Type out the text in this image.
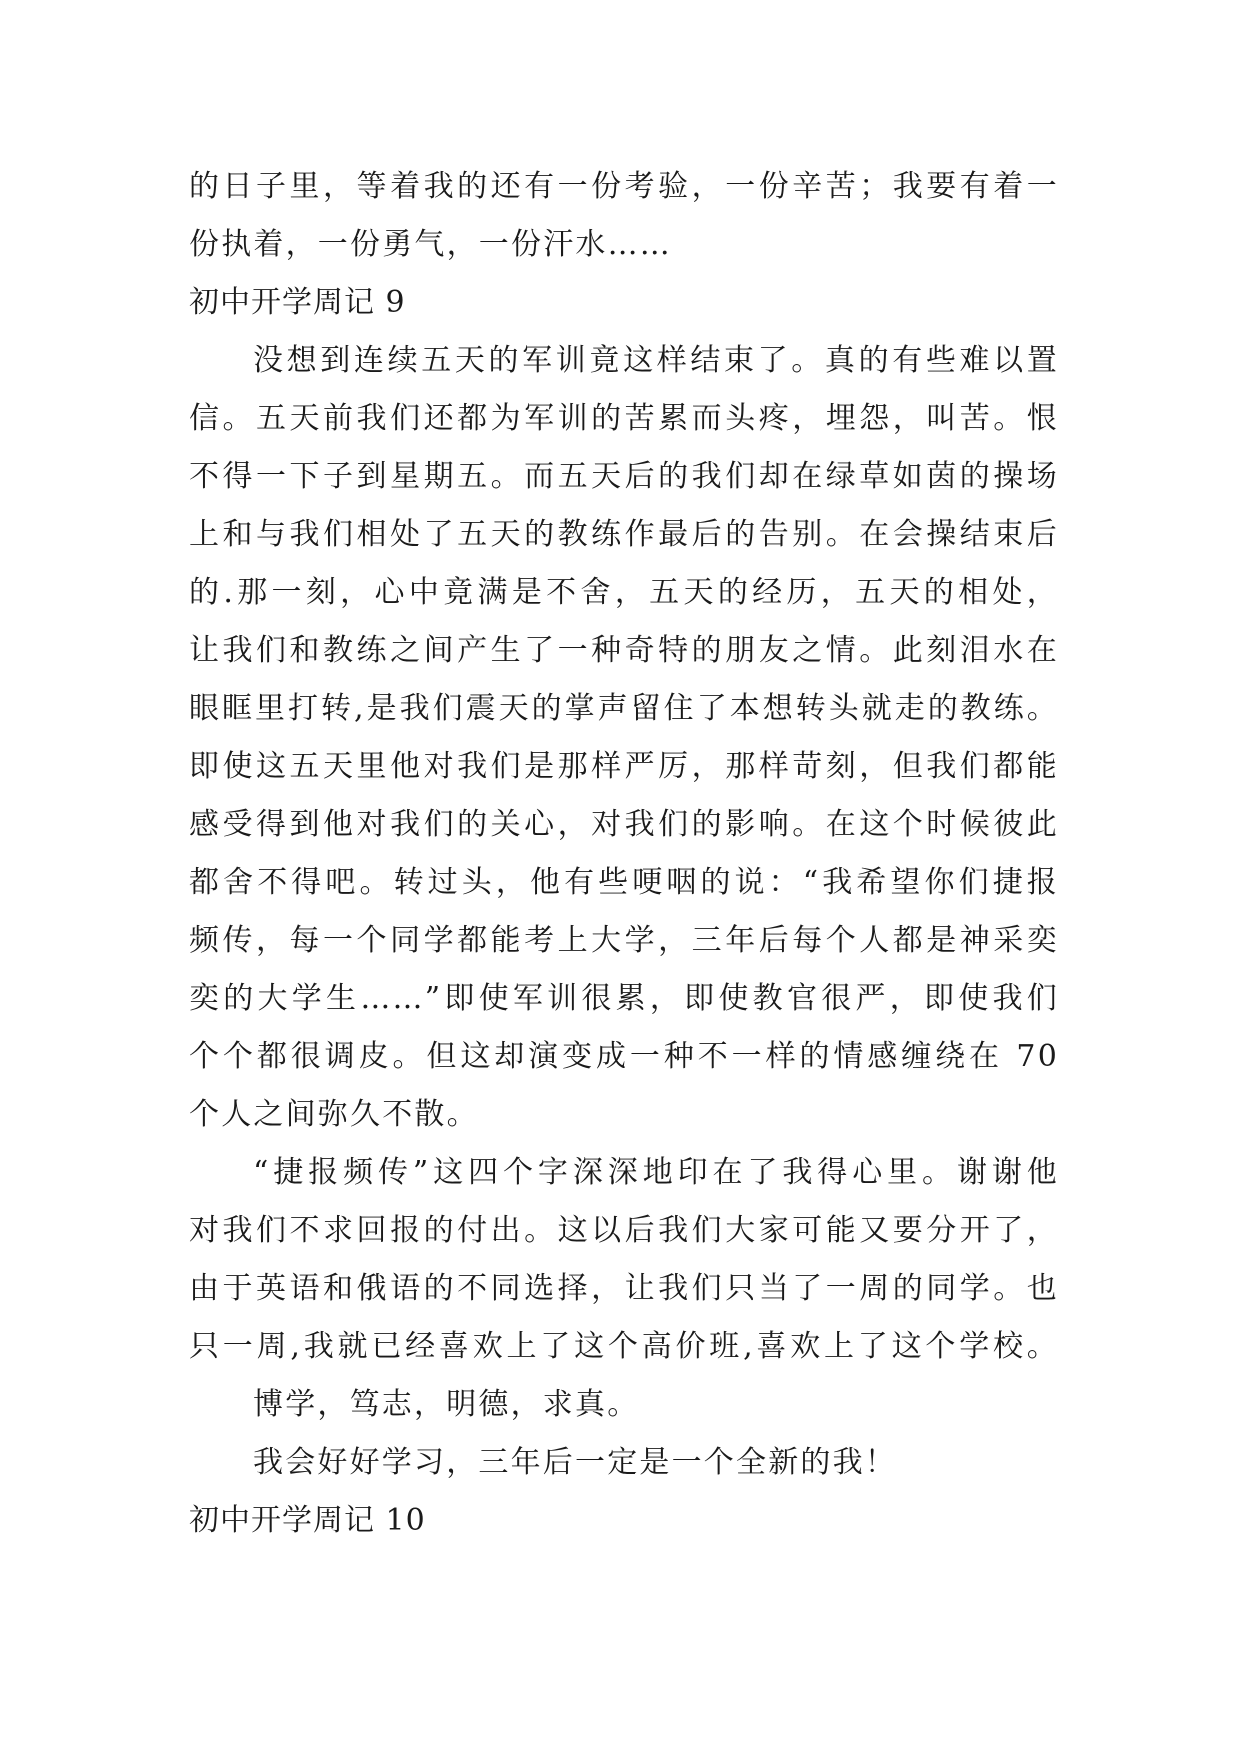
的日子里，等着我的还有一份考验，一份辛苦；我要有着一
份执着，一份勇气，一份汗水……
初中开学周记 9
没想到连续五天的军训竟这样结束了。真的有些难以置
信。五天前我们还都为军训的苦累而头疼，埋怨，叫苦。恨
不得一下子到星期五。而五天后的我们却在绿草如茵的操场
上和与我们相处了五天的教练作最后的告别。在会操结束后
的.那一刻，心中竟满是不舍，五天的经历，五天的相处，
让我们和教练之间产生了一种奇特的朋友之情。此刻泪水在
眼眶里打转,是我们震天的掌声留住了本想转头就走的教练。
即使这五天里他对我们是那样严厉，那样苛刻，但我们都能
感受得到他对我们的关心，对我们的影响。在这个时候彼此
都舍不得吧。转过头，他有些哽咽的说：“我希望你们捷报
频传，每一个同学都能考上大学，三年后每个人都是神采奕
奕的大学生……”即使军训很累，即使教官很严，即使我们
个个都很调皮。但这却演变成一种不一样的情感缠绕在 70
个人之间弥久不散。
“捷报频传”这四个字深深地印在了我得心里。谢谢他
对我们不求回报的付出。这以后我们大家可能又要分开了，
由于英语和俄语的不同选择，让我们只当了一周的同学。也
只一周,我就已经喜欢上了这个高价班,喜欢上了这个学校。
博学，笃志，明德，求真。
我会好好学习，三年后一定是一个全新的我！
初中开学周记 10
